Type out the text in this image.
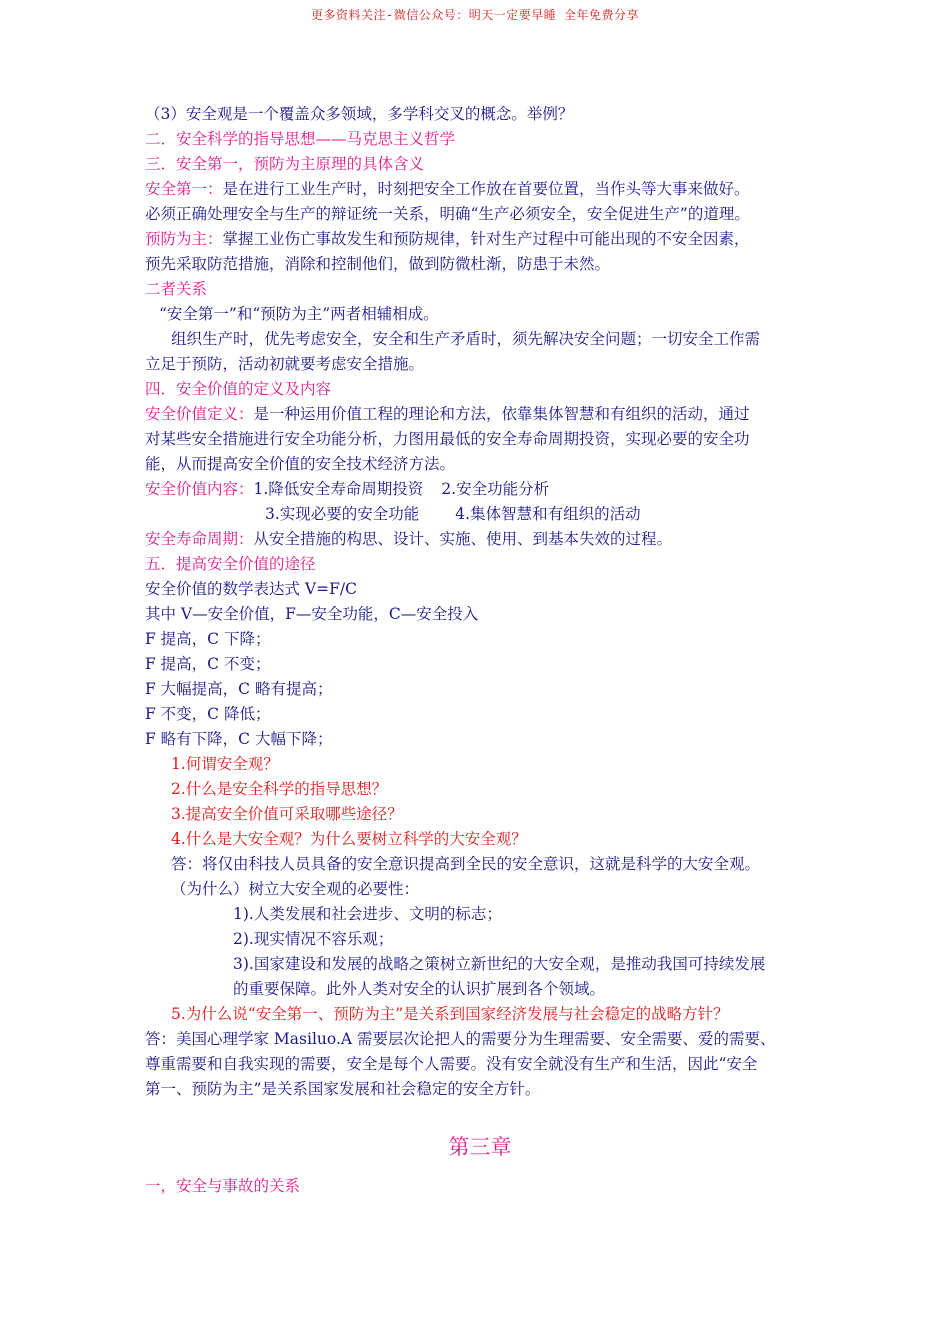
更多资料关注-微信公众号：明天一定要早睡 全年免费分享
（3）安全观是一个覆盖众多领域，多学科交叉的概念。举例？
二．安全科学的指导思想——马克思主义哲学
三．安全第一，预防为主原理的具体含义
安全第一：是在进行工业生产时，时刻把安全工作放在首要位置，当作头等大事来做好。
必须正确处理安全与生产的辩证统一关系，明确“生产必须安全，安全促进生产”的道理。
预防为主：掌握工业伤亡事故发生和预防规律，针对生产过程中可能出现的不安全因素，
预先采取防范措施，消除和控制他们，做到防微杜渐，防患于未然。
二者关系
“安全第一”和“预防为主”两者相辅相成。
组织生产时，优先考虑安全，安全和生产矛盾时，须先解决安全问题；一切安全工作需
立足于预防，活动初就要考虑安全措施。
四．安全价值的定义及内容
安全价值定义：是一种运用价值工程的理论和方法，依靠集体智慧和有组织的活动，通过
对某些安全措施进行安全功能分析，力图用最低的安全寿命周期投资，实现必要的安全功
能，从而提高安全价值的安全技术经济方法。
安全价值内容：1.降低安全寿命周期投资 2.安全功能分析
3.实现必要的安全功能 4.集体智慧和有组织的活动
安全寿命周期：从安全措施的构思、设计、实施、使用、到基本失效的过程。
五．提高安全价值的途径
安全价值的数学表达式 V=F/C
其中 V—安全价值，F—安全功能，C—安全投入
F 提高，C 下降；
F 提高，C 不变；
F 大幅提高，C 略有提高；
F 不变，C 降低；
F 略有下降，C 大幅下降；
1.何谓安全观？
2.什么是安全科学的指导思想？
3.提高安全价值可采取哪些途径？
4.什么是大安全观？为什么要树立科学的大安全观？
答：将仅由科技人员具备的安全意识提高到全民的安全意识，这就是科学的大安全观。
（为什么）树立大安全观的必要性：
1).人类发展和社会进步、文明的标志；
2).现实情况不容乐观；
3).国家建设和发展的战略之策树立新世纪的大安全观，是推动我国可持续发展
的重要保障。此外人类对安全的认识扩展到各个领域。
5.为什么说“安全第一、预防为主”是关系到国家经济发展与社会稳定的战略方针？
答：美国心理学家 Masiluo.A 需要层次论把人的需要分为生理需要、安全需要、爱的需要、
尊重需要和自我实现的需要，安全是每个人需要。没有安全就没有生产和生活，因此“安全
第一、预防为主”是关系国家发展和社会稳定的安全方针。
第三章
一，安全与事故的关系
